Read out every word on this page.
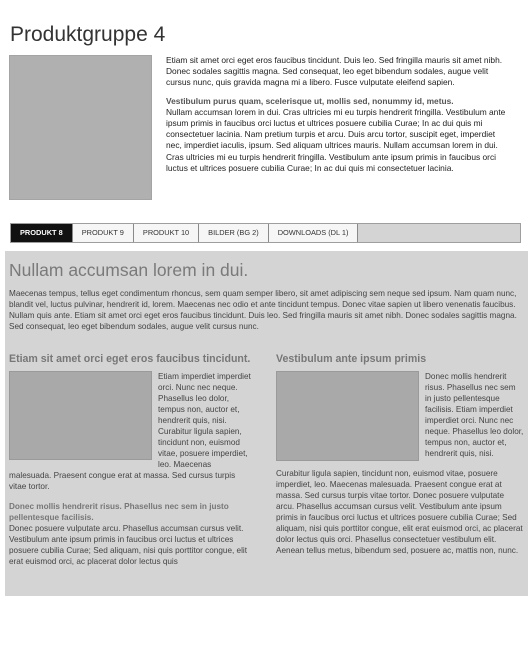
Produktgruppe 4

Etiam sit amet orci eget eros faucibus tincidunt. Duis leo. Sed fringilla mauris sit amet nibh. Donec sodales sagittis magna. Sed consequat, leo eget bibendum sodales, augue velit cursus nunc, quis gravida magna mi a libero. Fusce vulputate eleifend sapien.

Vestibulum purus quam, scelerisque ut, mollis sed, nonummy id, metus.
Nullam accumsan lorem in dui. Cras ultricies mi eu turpis hendrerit fringilla. Vestibulum ante ipsum primis in faucibus orci luctus et ultrices posuere cubilia Curae; In ac dui quis mi consectetuer lacinia. Nam pretium turpis et arcu. Duis arcu tortor, suscipit eget, imperdiet nec, imperdiet iaculis, ipsum. Sed aliquam ultrices mauris. Nullam accumsan lorem in dui. Cras ultricies mi eu turpis hendrerit fringilla. Vestibulum ante ipsum primis in faucibus orci luctus et ultrices posuere cubilia Curae; In ac dui quis mi consectetuer lacinia.

PRODUKT 8	PRODUKT 9	PRODUKT 10	BILDER (BG 2)	DOWNLOADS (DL 1)
Nullam accumsan lorem in dui.

Maecenas tempus, tellus eget condimentum rhoncus, sem quam semper libero, sit amet adipiscing sem neque sed ipsum. Nam quam nunc, blandit vel, luctus pulvinar, hendrerit id, lorem. Maecenas nec odio et ante tincidunt tempus. Donec vitae sapien ut libero venenatis faucibus. Nullam quis ante. Etiam sit amet orci eget eros faucibus tincidunt. Duis leo. Sed fringilla mauris sit amet nibh. Donec sodales sagittis magna. Sed consequat, leo eget bibendum sodales, augue velit cursus nunc.

Etiam sit amet orci eget eros faucibus tincidunt.

Etiam imperdiet imperdiet orci. Nunc nec neque. Phasellus leo dolor, tempus non, auctor et, hendrerit quis, nisi. Curabitur ligula sapien, tincidunt non, euismod vitae, posuere imperdiet, leo. Maecenas malesuada. Praesent congue erat at massa. Sed cursus turpis vitae tortor.

Donec mollis hendrerit risus. Phasellus nec sem in justo pellentesque facilisis.
Donec posuere vulputate arcu. Phasellus accumsan cursus velit. Vestibulum ante ipsum primis in faucibus orci luctus et ultrices posuere cubilia Curae; Sed aliquam, nisi quis porttitor congue, elit erat euismod orci, ac placerat dolor lectus quis

Vestibulum ante ipsum primis

Donec mollis hendrerit risus. Phasellus nec sem in justo pellentesque facilisis. Etiam imperdiet imperdiet orci. Nunc nec neque. Phasellus leo dolor, tempus non, auctor et, hendrerit quis, nisi.

Curabitur ligula sapien, tincidunt non, euismod vitae, posuere imperdiet, leo. Maecenas malesuada. Praesent congue erat at massa. Sed cursus turpis vitae tortor. Donec posuere vulputate arcu. Phasellus accumsan cursus velit. Vestibulum ante ipsum primis in faucibus orci luctus et ultrices posuere cubilia Curae; Sed aliquam, nisi quis porttitor congue, elit erat euismod orci, ac placerat dolor lectus quis orci. Phasellus consectetuer vestibulum elit. Aenean tellus metus, bibendum sed, posuere ac, mattis non, nunc.
